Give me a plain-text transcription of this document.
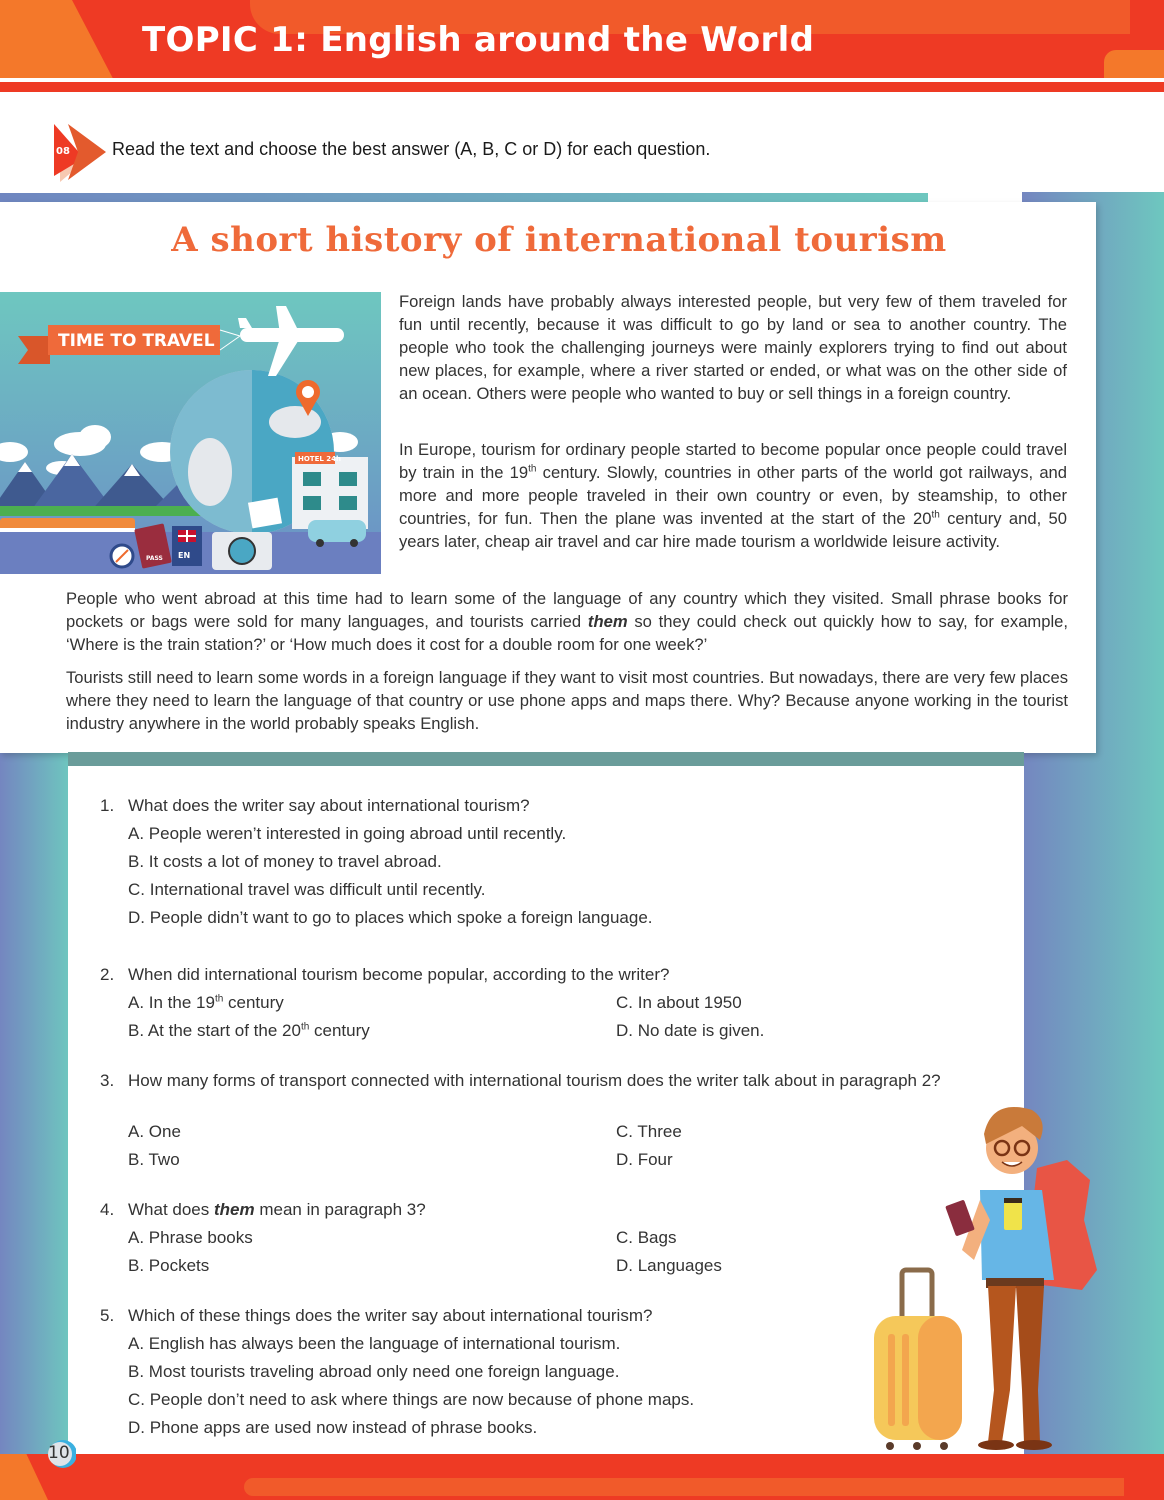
TOPIC 1: English around the World
08 Read the text and choose the best answer (A, B, C or D) for each question.
A short history of international tourism
TIME TO TRAVEL
HOTEL 24h
PASS EN
Foreign lands have probably always interested people, but very few of them traveled for fun until recently, because it was difficult to go by land or sea to another country. The people who took the challenging journeys were mainly explorers trying to find out about new places, for example, where a river started or ended, or what was on the other side of an ocean. Others were people who wanted to buy or sell things in a foreign country.
In Europe, tourism for ordinary people started to become popular once people could travel by train in the 19th century. Slowly, countries in other parts of the world got railways, and more and more people traveled in their own country or even, by steamship, to other countries, for fun. Then the plane was invented at the start of the 20th century and, 50 years later, cheap air travel and car hire made tourism a worldwide leisure activity.
People who went abroad at this time had to learn some of the language of any country which they visited. Small phrase books for pockets or bags were sold for many languages, and tourists carried them so they could check out quickly how to say, for example, ‘Where is the train station?’ or ‘How much does it cost for a double room for one week?’
Tourists still need to learn some words in a foreign language if they want to visit most countries. But nowadays, there are very few places where they need to learn the language of that country or use phone apps and maps there. Why? Because anyone working in the tourist industry anywhere in the world probably speaks English.
1. What does the writer say about international tourism?
A. People weren’t interested in going abroad until recently.
B. It costs a lot of money to travel abroad.
C. International travel was difficult until recently.
D. People didn’t want to go to places which spoke a foreign language.
2. When did international tourism become popular, according to the writer?
A. In the 19th century
B. At the start of the 20th century
C. In about 1950
D. No date is given.
3. How many forms of transport connected with international tourism does the writer talk about in paragraph 2?
A. One
B. Two
C. Three
D. Four
4. What does them mean in paragraph 3?
A. Phrase books
B. Pockets
C. Bags
D. Languages
5. Which of these things does the writer say about international tourism?
A. English has always been the language of international tourism.
B. Most tourists traveling abroad only need one foreign language.
C. People don’t need to ask where things are now because of phone maps.
D. Phone apps are used now instead of phrase books.
10
